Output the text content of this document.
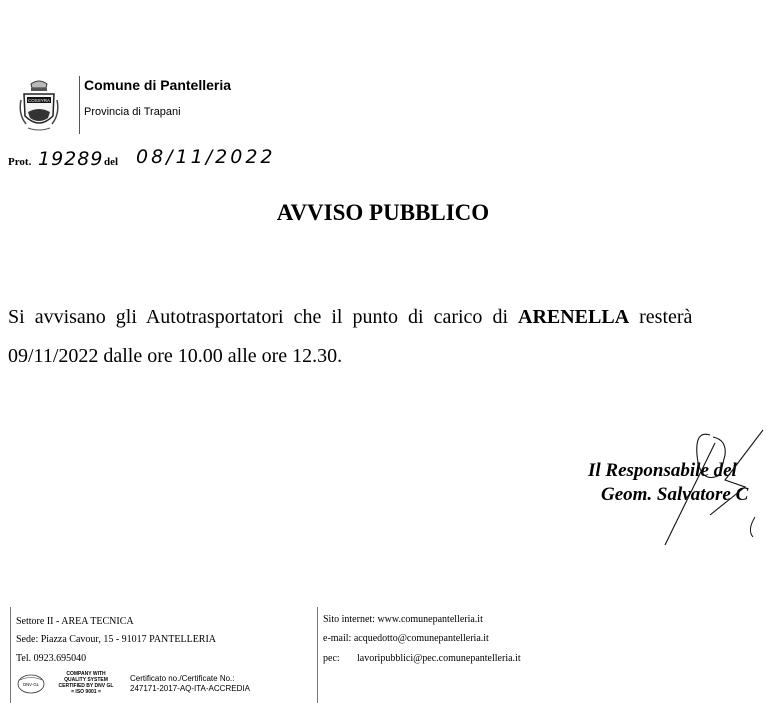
COSSYRA
Comune di Pantelleria
Provincia di Trapani
Prot. 19289 del 08/11/2022
AVVISO PUBBLICO
Si avvisano gli Autotrasportatori che il punto di carico di ARENELLA resterà
09/11/2022 dalle ore 10.00 alle ore 12.30.
Il Responsabile del
Geom. Salvatore C
Settore II - AREA TECNICA
Sede: Piazza Cavour, 15 - 91017 PANTELLERIA
Tel. 0923.695040
Sito internet: www.comunepantelleria.it
e-mail: acquedotto@comunepantelleria.it
pec: lavoripubblici@pec.comunepantelleria.it
DNV·GL
COMPANY WITH
QUALITY SYSTEM
CERTIFIED BY DNV GL
= ISO 9001 =
Certificato no./Certificate No.:
247171-2017-AQ-ITA-ACCREDIA
